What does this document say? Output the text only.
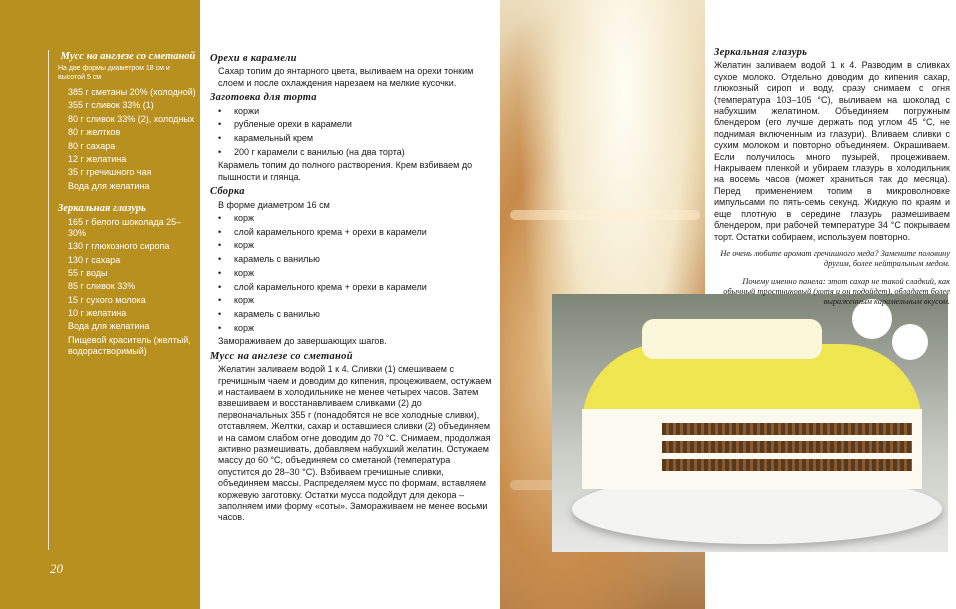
Мусс на англезе со сметаной
На две формы диаметром 18 см и высотой 5 см
385 г сметаны 20% (холодной)
355 г сливок 33% (1)
80 г сливок 33% (2), холодных
80 г желтков
80 г сахара
12 г желатина
35 г гречишного чая
Вода для желатина
Зеркальная глазурь
165 г белого шоколада 25–30%
130 г глюкозного сиропа
130 г сахара
55 г воды
85 г сливок 33%
15 г сухого молока
10 г желатина
Вода для желатина
Пищевой краситель (желтый, водорастворимый)
20
Орехи в карамели
Сахар топим до янтарного цвета, выливаем на орехи тонким слоем и после охлаждения нарезаем на мелкие кусочки.
Заготовка для торта
•	коржи
•	рубленые орехи в карамели
•	карамельный крем
•	200 г карамели с ванилью (на два торта)
Карамель топим до полного растворения. Крем взбиваем до пышности и глянца.
Сборка
В форме диаметром 16 см
•	корж
•	слой карамельного крема + орехи в карамели
•	корж
•	карамель с ванилью
•	корж
•	слой карамельного крема + орехи в карамели
•	корж
•	карамель с ванилью
•	корж
Замораживаем до завершающих шагов.
Мусс на англезе со сметаной
Желатин заливаем водой 1 к 4. Сливки (1) смешиваем с гречишным чаем и доводим до кипения, процеживаем, остужаем и настаиваем в холодильнике не менее четырех часов. Затем взвешиваем и восстанавливаем сливками (2) до первоначальных 355 г (понадобятся не все холодные сливки), отставляем. Желтки, сахар и оставшиеся сливки (2) объединяем и на самом слабом огне доводим до 70 °С. Снимаем, продолжая активно размешивать, добавляем набухший желатин. Остужаем массу до 60 °С, объединяем со сметаной (температура опустится до 28–30 °С). Взбиваем гречишные сливки, объединяем массы. Распределяем мусс по формам, вставляем коржевую заготовку. Остатки мусса подойдут для декора – заполняем ими форму «соты». Замораживаем не менее восьми часов.
Зеркальная глазурь
Желатин заливаем водой 1 к 4. Разводим в сливках сухое молоко. Отдельно доводим до кипения сахар, глюкозный сироп и воду, сразу снимаем с огня (температура 103–105 °С), выливаем на шоколад с набухшим желатином. Объединяем погружным блендером (его лучше держать под углом 45 °С, не поднимая включенным из глазури). Вливаем сливки с сухим молоком и повторно объединяем. Окрашиваем. Если получилось много пузырей, процеживаем. Накрываем пленкой и убираем глазурь в холодильник на восемь часов (может храниться так до месяца). Перед применением топим в микроволновке импульсами по пять-семь секунд. Жидкую по краям и еще плотную в середине глазурь размешиваем блендером, при рабочей температуре 34 °С покрываем торт. Остатки собираем, используем повторно.
Не очень любите аромат гречишного меда? Замените половину другим, более нейтральным медом.
Почему именно панела: этот сахар не такой сладкий, как обычный тростниковый (хотя и он подойдет), обладает более выраженным карамельным вкусом.
21
